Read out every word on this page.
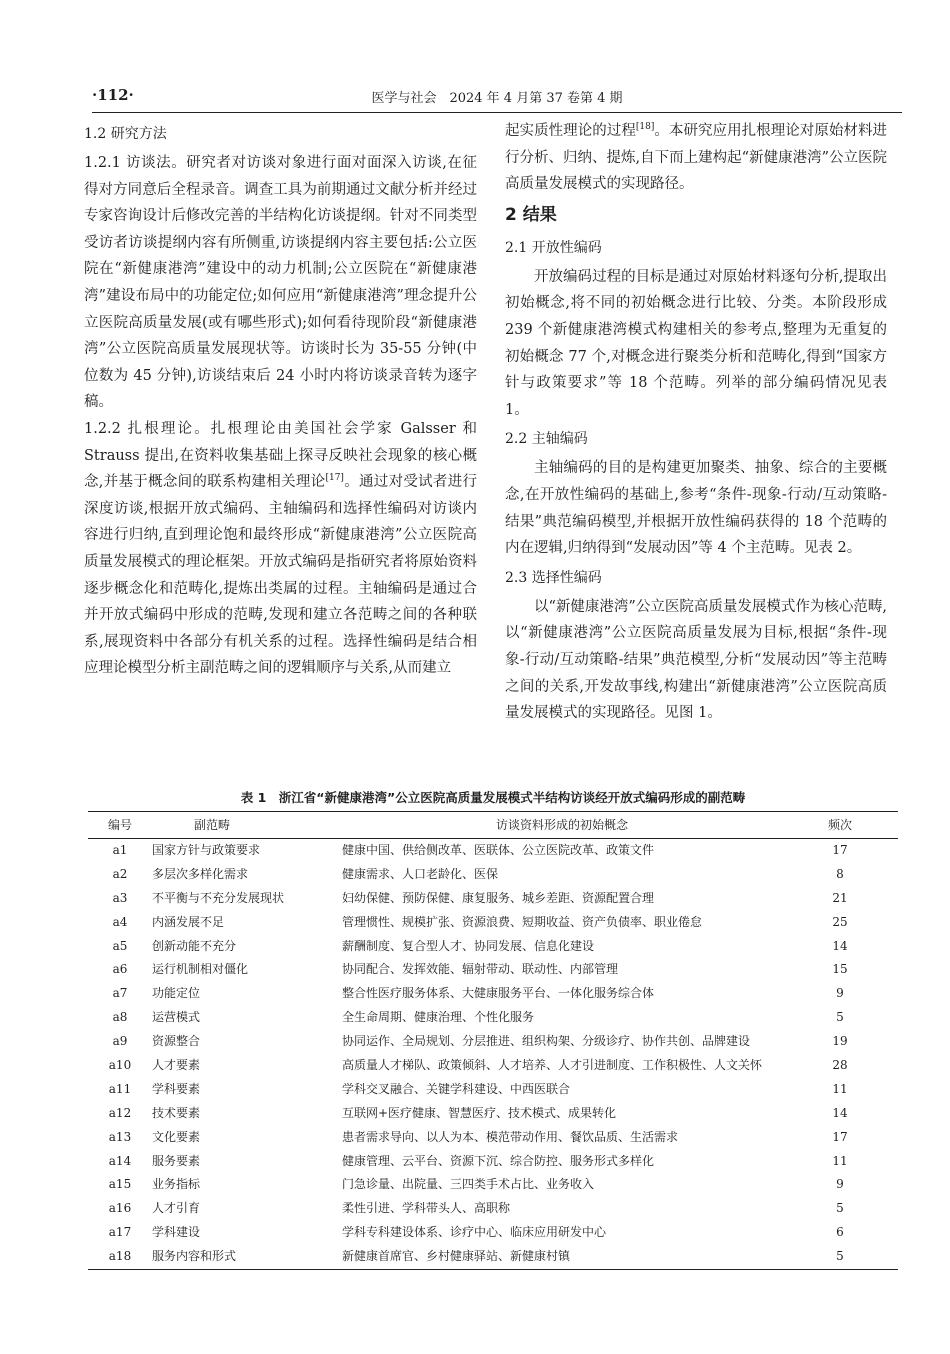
·112·	医学与社会　2024 年 4 月第 37 卷第 4 期

1.2 研究方法

1.2.1 访谈法。研究者对访谈对象进行面对面深入访谈,在征得对方同意后全程录音。调查工具为前期通过文献分析并经过专家咨询设计后修改完善的半结构化访谈提纲。针对不同类型受访者访谈提纲内容有所侧重,访谈提纲内容主要包括:公立医院在“新健康港湾”建设中的动力机制;公立医院在“新健康港湾”建设布局中的功能定位;如何应用“新健康港湾”理念提升公立医院高质量发展(或有哪些形式);如何看待现阶段“新健康港湾”公立医院高质量发展现状等。访谈时长为 35-55 分钟(中位数为 45 分钟),访谈结束后 24 小时内将访谈录音转为逐字稿。

1.2.2 扎根理论。扎根理论由美国社会学家 Galsser 和 Strauss 提出,在资料收集基础上探寻反映社会现象的核心概念,并基于概念间的联系构建相关理论[17]。通过对受试者进行深度访谈,根据开放式编码、主轴编码和选择性编码对访谈内容进行归纳,直到理论饱和最终形成“新健康港湾”公立医院高质量发展模式的理论框架。开放式编码是指研究者将原始资料逐步概念化和范畴化,提炼出类属的过程。主轴编码是通过合并开放式编码中形成的范畴,发现和建立各范畴之间的各种联系,展现资料中各部分有机关系的过程。选择性编码是结合相应理论模型分析主副范畴之间的逻辑顺序与关系,从而建立

起实质性理论的过程[18]。本研究应用扎根理论对原始材料进行分析、归纳、提炼,自下而上建构起“新健康港湾”公立医院高质量发展模式的实现路径。

2 结果

2.1 开放性编码

开放编码过程的目标是通过对原始材料逐句分析,提取出初始概念,将不同的初始概念进行比较、分类。本阶段形成 239 个新健康港湾模式构建相关的参考点,整理为无重复的初始概念 77 个,对概念进行聚类分析和范畴化,得到“国家方针与政策要求”等 18 个范畴。列举的部分编码情况见表 1。

2.2 主轴编码

主轴编码的目的是构建更加聚类、抽象、综合的主要概念,在开放性编码的基础上,参考“条件-现象-行动/互动策略-结果”典范编码模型,并根据开放性编码获得的 18 个范畴的内在逻辑,归纳得到“发展动因”等 4 个主范畴。见表 2。

2.3 选择性编码

以“新健康港湾”公立医院高质量发展模式作为核心范畴,以“新健康港湾”公立医院高质量发展为目标,根据“条件-现象-行动/互动策略-结果”典范模型,分析“发展动因”等主范畴之间的关系,开发故事线,构建出“新健康港湾”公立医院高质量发展模式的实现路径。见图 1。

表 1　浙江省“新健康港湾”公立医院高质量发展模式半结构访谈经开放式编码形成的副范畴
编号	副范畴	访谈资料形成的初始概念	频次
a1	国家方针与政策要求	健康中国、供给侧改革、医联体、公立医院改革、政策文件	17
a2	多层次多样化需求	健康需求、人口老龄化、医保	8
a3	不平衡与不充分发展现状	妇幼保健、预防保健、康复服务、城乡差距、资源配置合理	21
a4	内涵发展不足	管理惯性、规模扩张、资源浪费、短期收益、资产负债率、职业倦怠	25
a5	创新动能不充分	薪酬制度、复合型人才、协同发展、信息化建设	14
a6	运行机制相对僵化	协同配合、发挥效能、辐射带动、联动性、内部管理	15
a7	功能定位	整合性医疗服务体系、大健康服务平台、一体化服务综合体	9
a8	运营模式	全生命周期、健康治理、个性化服务	5
a9	资源整合	协同运作、全局规划、分层推进、组织构架、分级诊疗、协作共创、品牌建设	19
a10	人才要素	高质量人才梯队、政策倾斜、人才培养、人才引进制度、工作积极性、人文关怀	28
a11	学科要素	学科交叉融合、关键学科建设、中西医联合	11
a12	技术要素	互联网+医疗健康、智慧医疗、技术模式、成果转化	14
a13	文化要素	患者需求导向、以人为本、模范带动作用、餐饮品质、生活需求	17
a14	服务要素	健康管理、云平台、资源下沉、综合防控、服务形式多样化	11
a15	业务指标	门急诊量、出院量、三四类手术占比、业务收入	9
a16	人才引育	柔性引进、学科带头人、高职称	5
a17	学科建设	学科专科建设体系、诊疗中心、临床应用研发中心	6
a18	服务内容和形式	新健康首席官、乡村健康驿站、新健康村镇	5
